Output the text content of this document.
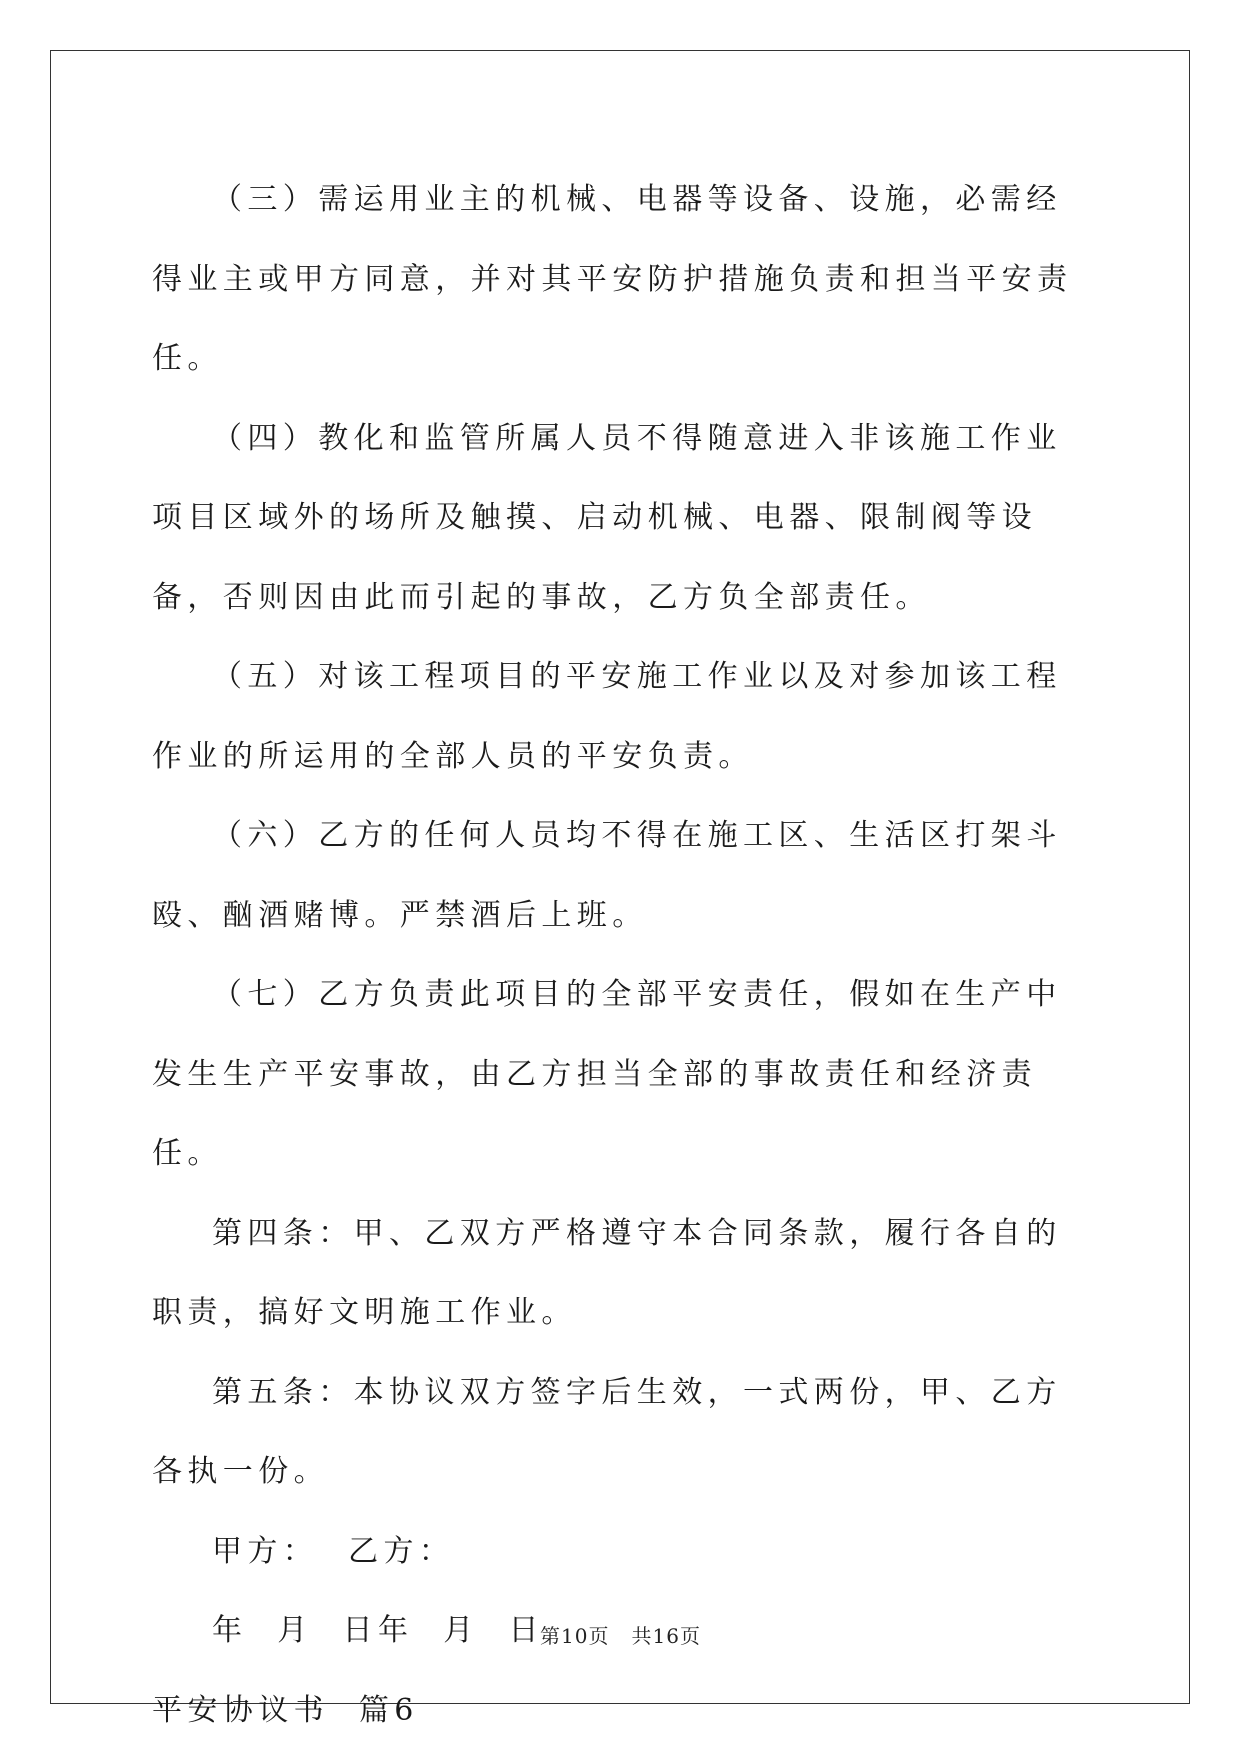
（三）需运用业主的机械、电器等设备、设施，必需经得业主或甲方同意，并对其平安防护措施负责和担当平安责任。

（四）教化和监管所属人员不得随意进入非该施工作业项目区域外的场所及触摸、启动机械、电器、限制阀等设备，否则因由此而引起的事故，乙方负全部责任。

（五）对该工程项目的平安施工作业以及对参加该工程作业的所运用的全部人员的平安负责。

（六）乙方的任何人员均不得在施工区、生活区打架斗殴、酗酒赌博。严禁酒后上班。

（七）乙方负责此项目的全部平安责任，假如在生产中发生生产平安事故，由乙方担当全部的事故责任和经济责任。

第四条：甲、乙双方严格遵守本合同条款，履行各自的职责，搞好文明施工作业。

第五条：本协议双方签字后生效，一式两份，甲、乙方各执一份。

甲方：  乙方：

年  月  日年  月  日

平安协议书  篇6

第10页 共16页
